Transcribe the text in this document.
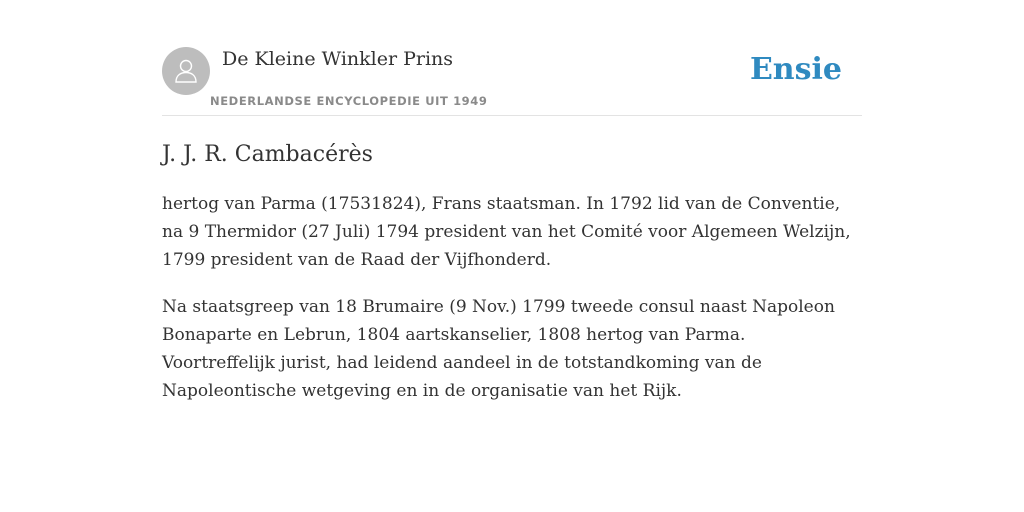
De Kleine Winkler Prins
NEDERLANDSE ENCYCLOPEDIE UIT 1949
Ensie
J. J. R. Cambacérès

hertog van Parma (17531824), Frans staatsman. In 1792 lid van de Conventie, na 9 Thermidor (27 Juli) 1794 president van het Comité voor Algemeen Welzijn, 1799 president van de Raad der Vijfhonderd.

Na staatsgreep van 18 Brumaire (9 Nov.) 1799 tweede consul naast Napoleon Bonaparte en Lebrun, 1804 aartskanselier, 1808 hertog van Parma. Voortreffelijk jurist, had leidend aandeel in de totstandkoming van de Napoleontische wetgeving en in de organisatie van het Rijk.
